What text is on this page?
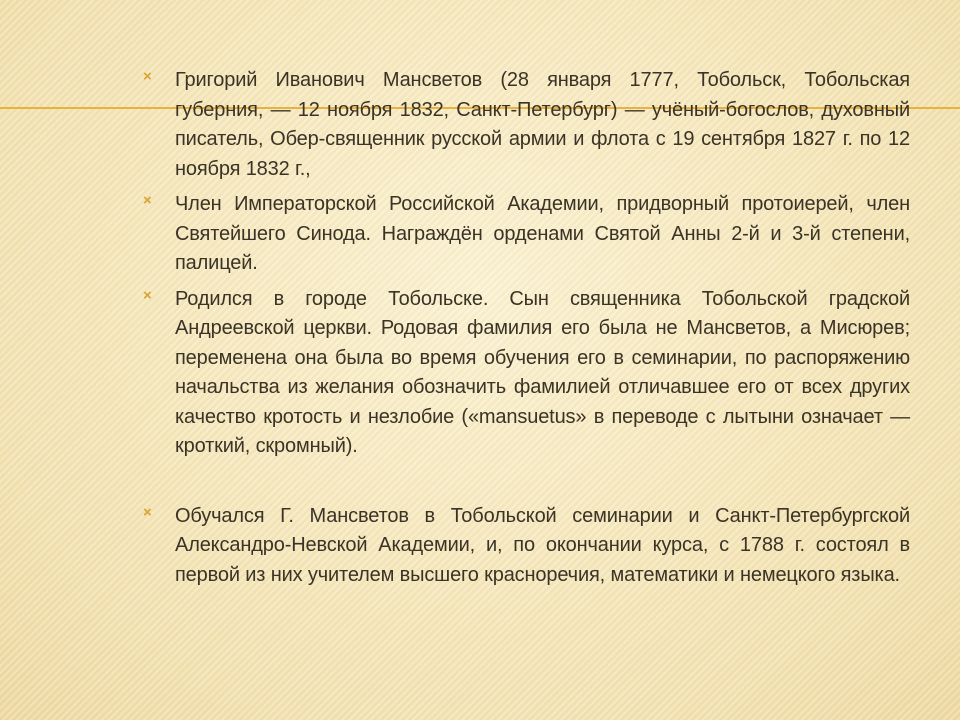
× Григорий Иванович Мансветов (28 января 1777, Тобольск, Тобольская губерния, — 12 ноября 1832, Санкт-Петербург) — учёный-богослов, духовный писатель, Обер-священник русской армии и флота с 19 сентября 1827 г. по 12 ноября 1832 г.,
× Член Императорской Российской Академии, придворный протоиерей, член Святейшего Синода. Награждён орденами Святой Анны 2-й и 3-й степени, палицей.
× Родился в городе Тобольске. Сын священника Тобольской градской Андреевской церкви. Родовая фамилия его была не Мансветов, а Мисюрев; переменена она была во время обучения его в семинарии, по распоряжению начальства из желания обозначить фамилией отличавшее его от всех других качество кротость и незлобие («mansuetus» в переводе с лытыни означает — кроткий, скромный).
× Обучался Г. Мансветов в Тобольской семинарии и Санкт-Петербургской Александро-Невской Академии, и, по окончании курса, с 1788 г. состоял в первой из них учителем высшего красноречия, математики и немецкого языка.
